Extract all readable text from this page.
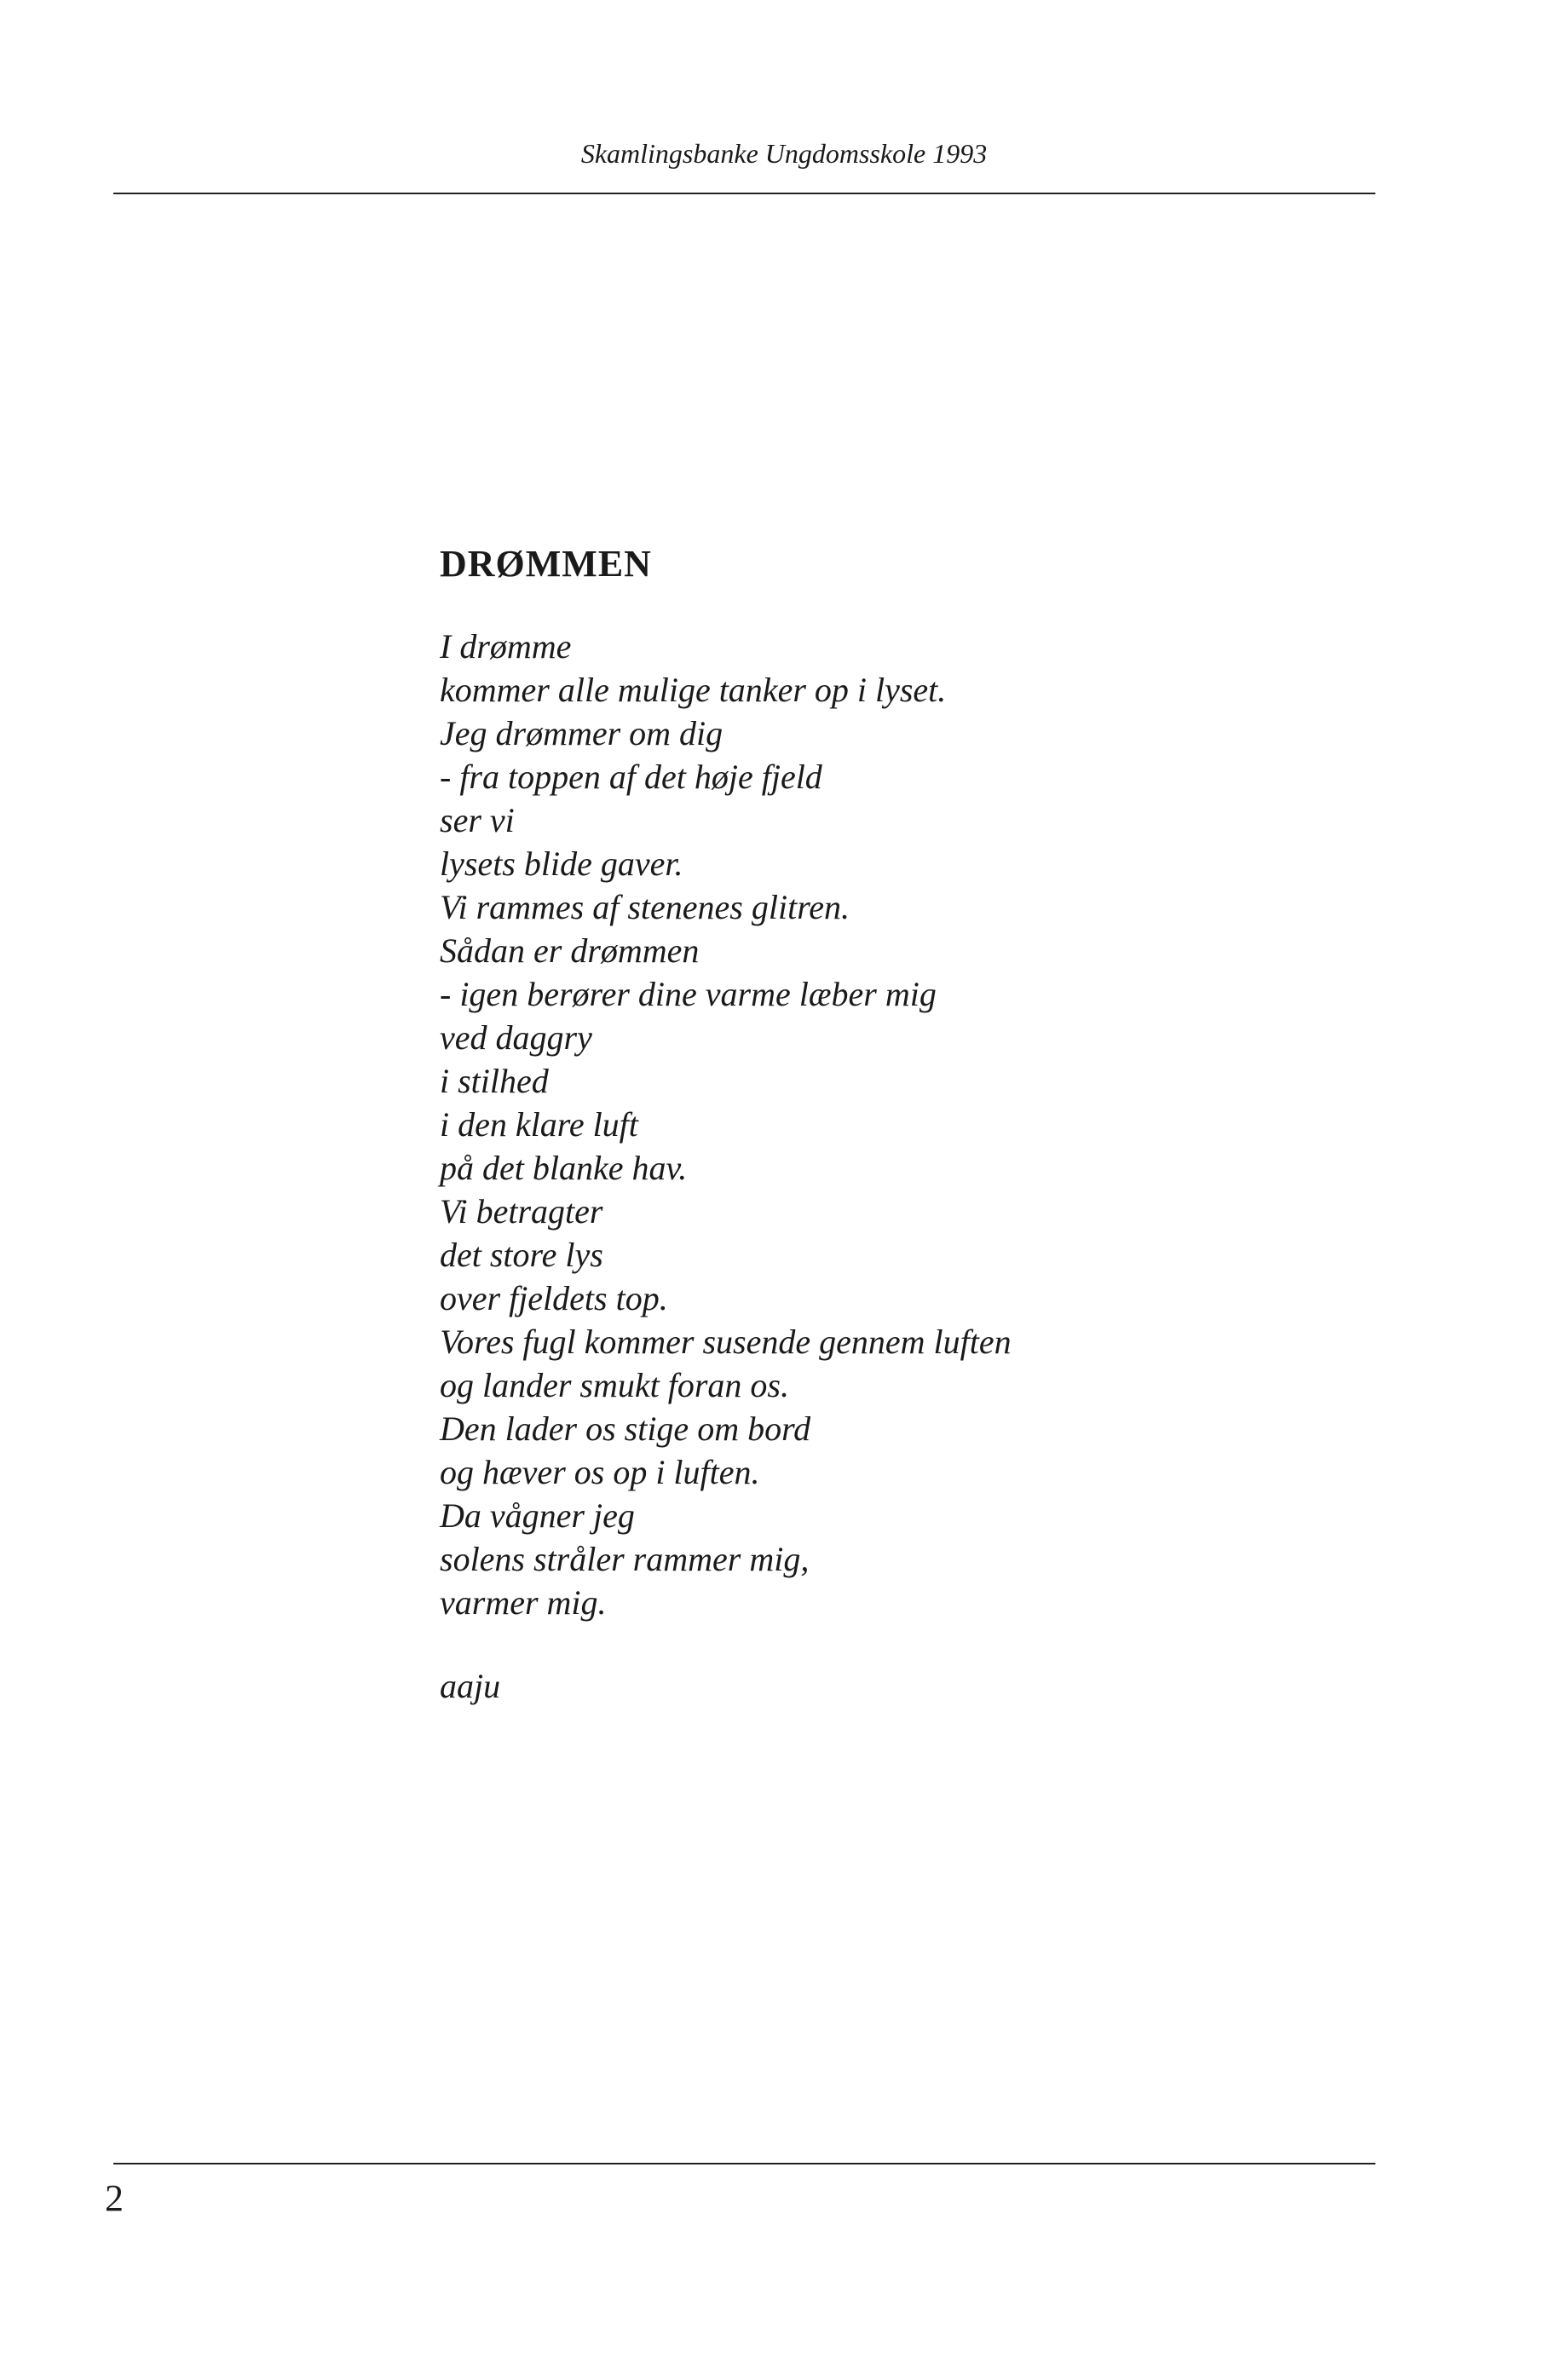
Skamlingsbanke Ungdomsskole 1993
DRØMMEN
I drømme
kommer alle mulige tanker op i lyset.
Jeg drømmer om dig
- fra toppen af det høje fjeld
ser vi
lysets blide gaver.
Vi rammes af stenenes glitren.
Sådan er drømmen
- igen berører dine varme læber mig
ved daggry
i stilhed
i den klare luft
på det blanke hav.
Vi betragter
det store lys
over fjeldets top.
Vores fugl kommer susende gennem luften
og lander smukt foran os.
Den lader os stige om bord
og hæver os op i luften.
Da vågner jeg
solens stråler rammer mig,
varmer mig.
aaju
2
